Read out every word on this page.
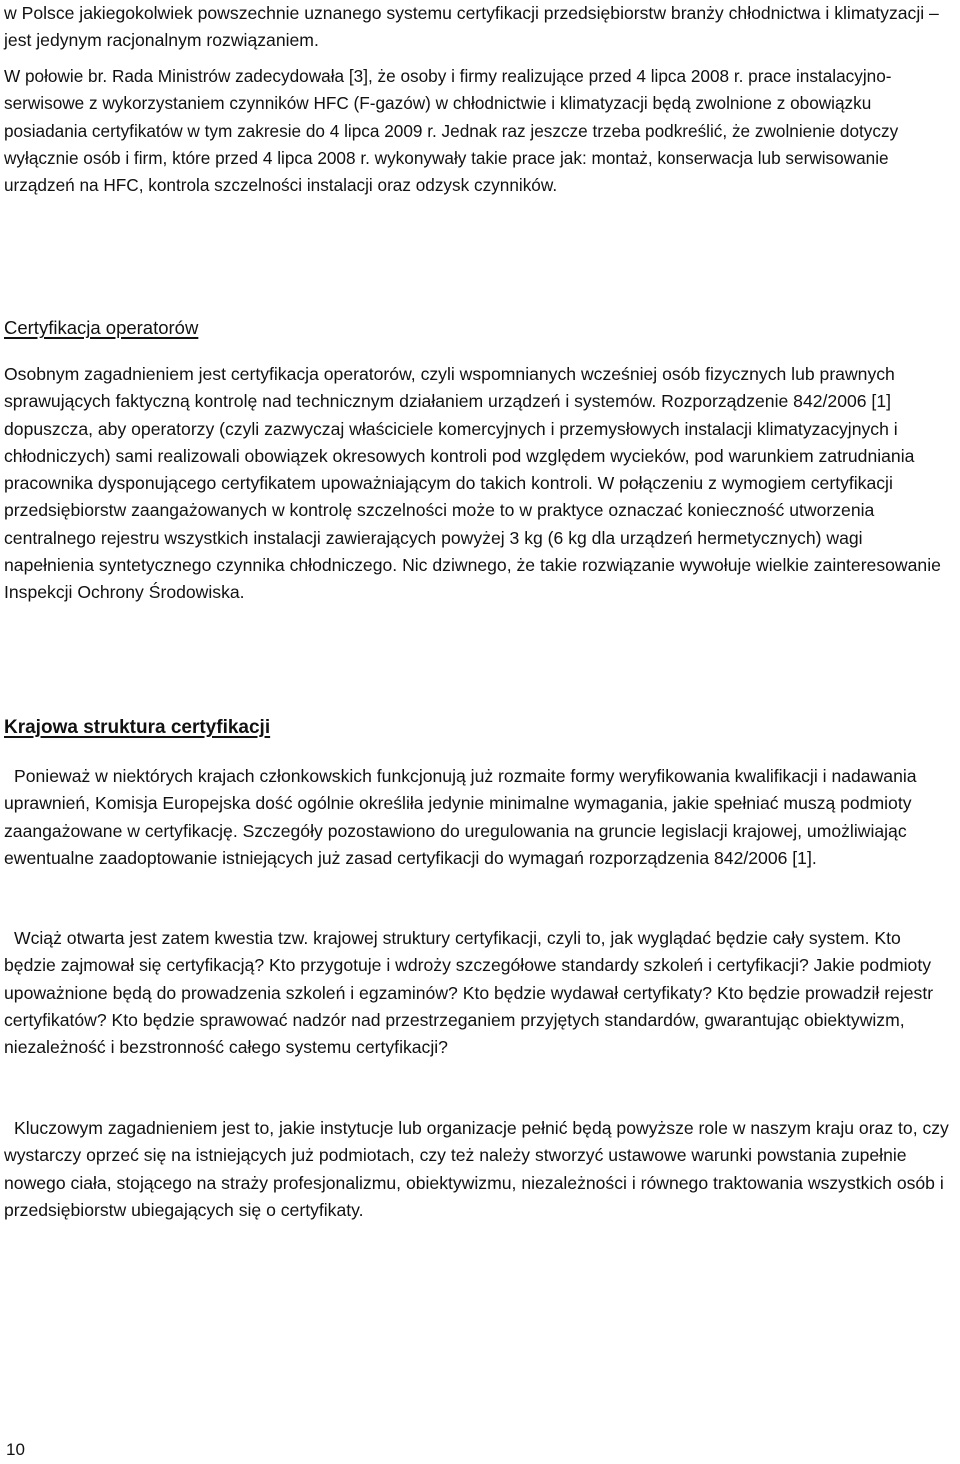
w Polsce jakiegokolwiek powszechnie uznanego systemu certyfikacji przedsiębiorstw branży chłodnictwa i klimatyzacji – jest jedynym racjonalnym rozwiązaniem.

W połowie br. Rada Ministrów zadecydowała [3], że osoby i firmy realizujące przed 4 lipca 2008 r. prace instalacyjno-serwisowe z wykorzystaniem czynników HFC (F-gazów) w chłodnictwie i klimatyzacji będą zwolnione z obowiązku posiadania certyfikatów w tym zakresie do 4 lipca 2009 r. Jednak raz jeszcze trzeba podkreślić, że zwolnienie dotyczy wyłącznie osób i firm, które przed 4 lipca 2008 r. wykonywały takie prace jak: montaż, konserwacja lub serwisowanie urządzeń na HFC, kontrola szczelności instalacji oraz odzysk czynników.

Certyfikacja operatorów

Osobnym zagadnieniem jest certyfikacja operatorów, czyli wspomnianych wcześniej osób fizycznych lub prawnych sprawujących faktyczną kontrolę nad technicznym działaniem urządzeń i systemów. Rozporządzenie 842/2006 [1] dopuszcza, aby operatorzy (czyli zazwyczaj właściciele komercyjnych i przemysłowych instalacji klimatyzacyjnych i chłodniczych) sami realizowali obowiązek okresowych kontroli pod względem wycieków, pod warunkiem zatrudniania pracownika dysponującego certyfikatem upoważniającym do takich kontroli. W połączeniu z wymogiem certyfikacji przedsiębiorstw zaangażowanych w kontrolę szczelności może to w praktyce oznaczać konieczność utworzenia centralnego rejestru wszystkich instalacji zawierających powyżej 3 kg (6 kg dla urządzeń hermetycznych) wagi napełnienia syntetycznego czynnika chłodniczego. Nic dziwnego, że takie rozwiązanie wywołuje wielkie zainteresowanie Inspekcji Ochrony Środowiska.

Krajowa struktura certyfikacji

Ponieważ w niektórych krajach członkowskich funkcjonują już rozmaite formy weryfikowania kwalifikacji i nadawania uprawnień, Komisja Europejska dość ogólnie określiła jedynie minimalne wymagania, jakie spełniać muszą podmioty zaangażowane w certyfikację. Szczegóły pozostawiono do uregulowania na gruncie legislacji krajowej, umożliwiając ewentualne zaadoptowanie istniejących już zasad certyfikacji do wymagań rozporządzenia 842/2006 [1].

Wciąż otwarta jest zatem kwestia tzw. krajowej struktury certyfikacji, czyli to, jak wyglądać będzie cały system. Kto będzie zajmował się certyfikacją? Kto przygotuje i wdroży szczegółowe standardy szkoleń i certyfikacji? Jakie podmioty upoważnione będą do prowadzenia szkoleń i egzaminów? Kto będzie wydawał certyfikaty? Kto będzie prowadził rejestr certyfikatów? Kto będzie sprawować nadzór nad przestrzeganiem przyjętych standardów, gwarantując obiektywizm, niezależność i bezstronność całego systemu certyfikacji?

Kluczowym zagadnieniem jest to, jakie instytucje lub organizacje pełnić będą powyższe role w naszym kraju oraz to, czy wystarczy oprzeć się na istniejących już podmiotach, czy też należy stworzyć ustawowe warunki powstania zupełnie nowego ciała, stojącego na straży profesjonalizmu, obiektywizmu, niezależności i równego traktowania wszystkich osób i przedsiębiorstw ubiegających się o certyfikaty.

10
